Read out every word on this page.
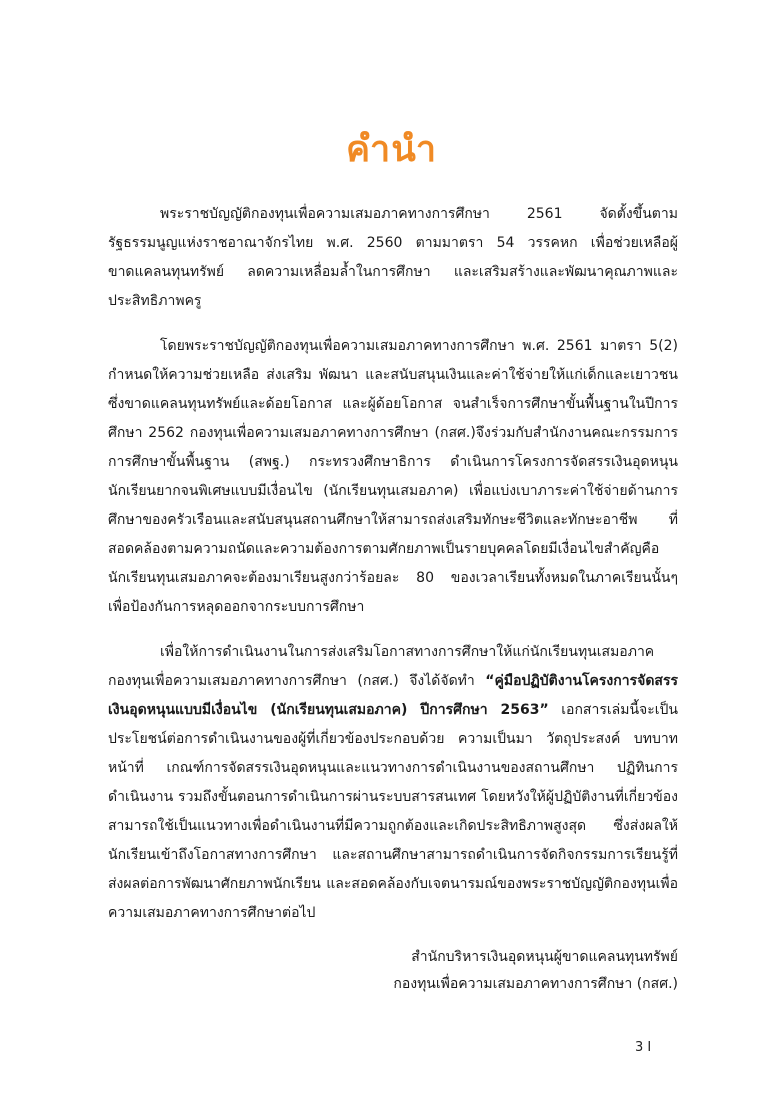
คำนำ

พระราชบัญญัติกองทุนเพื่อความเสมอภาคทางการศึกษา 2561 จัดตั้งขึ้นตามรัฐธรรมนูญแห่งราชอาณาจักรไทย พ.ศ. 2560 ตามมาตรา 54 วรรคหก เพื่อช่วยเหลือผู้ขาดแคลนทุนทรัพย์ ลดความเหลื่อมล้ำในการศึกษา และเสริมสร้างและพัฒนาคุณภาพและประสิทธิภาพครู

โดยพระราชบัญญัติกองทุนเพื่อความเสมอภาคทางการศึกษา พ.ศ. 2561 มาตรา 5(2) กำหนดให้ความช่วยเหลือ ส่งเสริม พัฒนา และสนับสนุนเงินและค่าใช้จ่ายให้แก่เด็กและเยาวชนซึ่งขาดแคลนทุนทรัพย์และด้อยโอกาส และผู้ด้อยโอกาส จนสำเร็จการศึกษาขั้นพื้นฐานในปีการศึกษา 2562 กองทุนเพื่อความเสมอภาคทางการศึกษา (กสศ.)จึงร่วมกับสำนักงานคณะกรรมการการศึกษาขั้นพื้นฐาน (สพฐ.) กระทรวงศึกษาธิการ ดำเนินการโครงการจัดสรรเงินอุดหนุนนักเรียนยากจนพิเศษแบบมีเงื่อนไข (นักเรียนทุนเสมอภาค) เพื่อแบ่งเบาภาระค่าใช้จ่ายด้านการศึกษาของครัวเรือนและสนับสนุนสถานศึกษาให้สามารถส่งเสริมทักษะชีวิตและทักษะอาชีพ ที่สอดคล้องตามความถนัดและความต้องการตามศักยภาพเป็นรายบุคคลโดยมีเงื่อนไขสำคัญคือ นักเรียนทุนเสมอภาคจะต้องมาเรียนสูงกว่าร้อยละ 80 ของเวลาเรียนทั้งหมดในภาคเรียนนั้นๆ เพื่อป้องกันการหลุดออกจากระบบการศึกษา

เพื่อให้การดำเนินงานในการส่งเสริมโอกาสทางการศึกษาให้แก่นักเรียนทุนเสมอภาค กองทุนเพื่อความเสมอภาคทางการศึกษา (กสศ.) จึงได้จัดทำ “คู่มือปฏิบัติงานโครงการจัดสรรเงินอุดหนุนแบบมีเงื่อนไข (นักเรียนทุนเสมอภาค) ปีการศึกษา 2563” เอกสารเล่มนี้จะเป็นประโยชน์ต่อการดำเนินงานของผู้ที่เกี่ยวข้องประกอบด้วย ความเป็นมา วัตถุประสงค์ บทบาทหน้าที่ เกณฑ์การจัดสรรเงินอุดหนุนและแนวทางการดำเนินงานของสถานศึกษา ปฏิทินการดำเนินงาน รวมถึงขั้นตอนการดำเนินการผ่านระบบสารสนเทศ โดยหวังให้ผู้ปฏิบัติงานที่เกี่ยวข้องสามารถใช้เป็นแนวทางเพื่อดำเนินงานที่มีความถูกต้องและเกิดประสิทธิภาพสูงสุด ซึ่งส่งผลให้นักเรียนเข้าถึงโอกาสทางการศึกษา และสถานศึกษาสามารถดำเนินการจัดกิจกรรมการเรียนรู้ที่ส่งผลต่อการพัฒนาศักยภาพนักเรียน และสอดคล้องกับเจตนารมณ์ของพระราชบัญญัติกองทุนเพื่อความเสมอภาคทางการศึกษาต่อไป

สำนักบริหารเงินอุดหนุนผู้ขาดแคลนทุนทรัพย์
กองทุนเพื่อความเสมอภาคทางการศึกษา (กสศ.)
3 I
